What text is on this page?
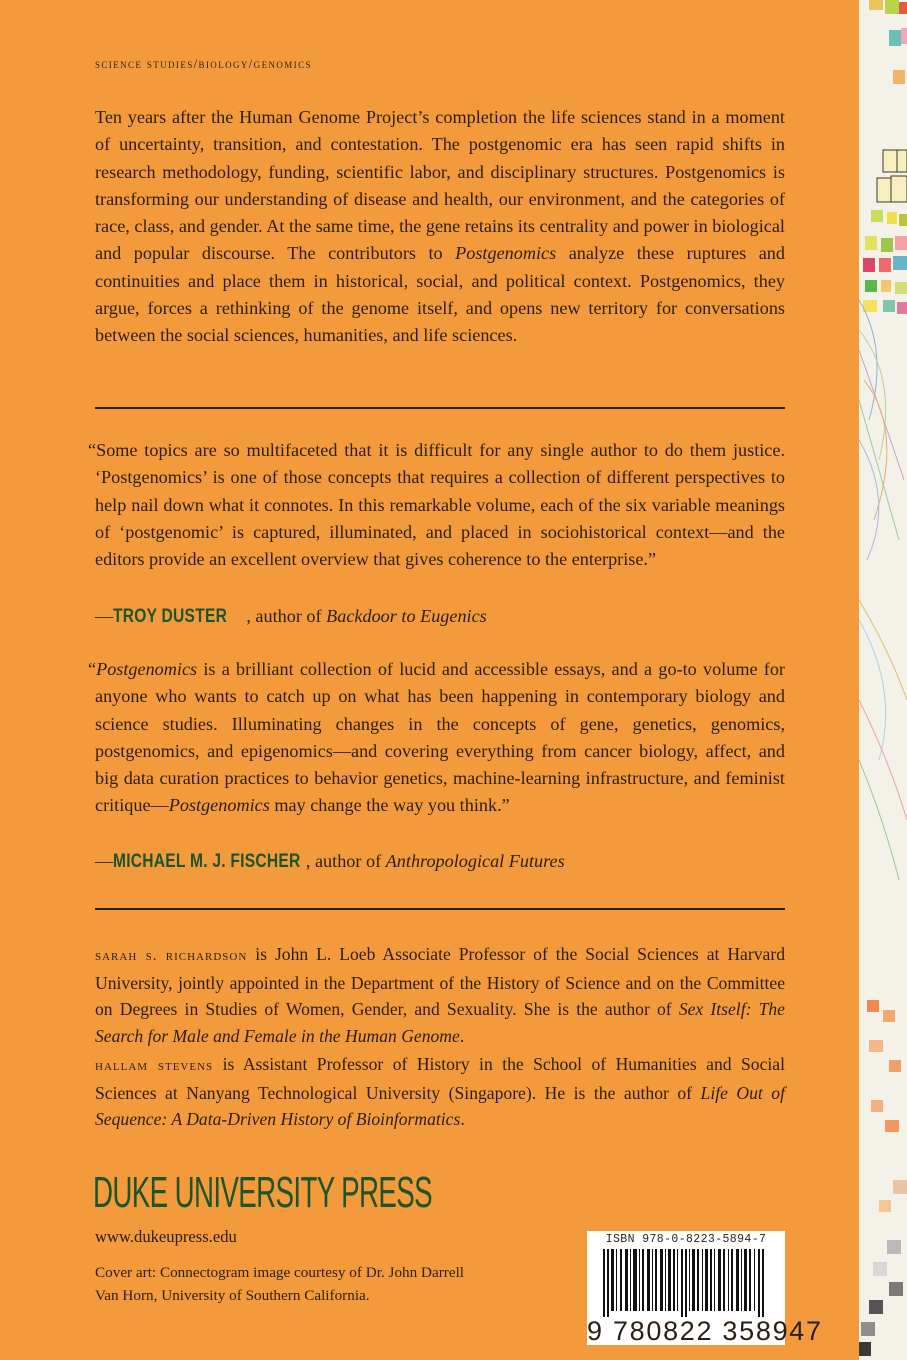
science studies/biology/genomics

Ten years after the Human Genome Project’s completion the life sciences stand in a moment of uncertainty, transition, and contestation. The postgenomic era has seen rapid shifts in research methodology, funding, scientific labor, and disciplinary structures. Postgenomics is transforming our understanding of disease and health, our environment, and the categories of race, class, and gender. At the same time, the gene retains its centrality and power in biological and popular discourse. The contributors to Postgenomics analyze these ruptures and continuities and place them in historical, social, and political context. Postgenomics, they argue, forces a rethinking of the genome itself, and opens new territory for conversations between the social sciences, humanities, and life sciences.

“Some topics are so multifaceted that it is difficult for any single author to do them justice. ‘Postgenomics’ is one of those concepts that requires a collection of different perspectives to help nail down what it connotes. In this remarkable volume, each of the six variable meanings of ‘postgenomic’ is captured, illuminated, and placed in sociohistorical context—and the editors provide an excellent overview that gives coherence to the enterprise.”

—TROY DUSTER , author of Backdoor to Eugenics

“Postgenomics is a brilliant collection of lucid and accessible essays, and a go-to volume for anyone who wants to catch up on what has been happening in contemporary biology and science studies. Illuminating changes in the concepts of gene, genetics, genomics, postgenomics, and epigenomics—and covering everything from cancer biology, affect, and big data curation practices to behavior genetics, machine-learning infrastructure, and feminist critique—Postgenomics may change the way you think.”

—MICHAEL M. J. FISCHER , author of Anthropological Futures

sarah s. richardson is John L. Loeb Associate Professor of the Social Sciences at Harvard University, jointly appointed in the Department of the History of Science and on the Committee on Degrees in Studies of Women, Gender, and Sexuality. She is the author of Sex Itself: The Search for Male and Female in the Human Genome.

hallam stevens is Assistant Professor of History in the School of Humanities and Social Sciences at Nanyang Technological University (Singapore). He is the author of Life Out of Sequence: A Data-Driven History of Bioinformatics.

DUKE UNIVERSITY PRESS
www.dukeupress.edu
Cover art: Connectogram image courtesy of Dr. John Darrell Van Horn, University of Southern California.
ISBN 978-0-8223-5894-7
9 780822 358947
